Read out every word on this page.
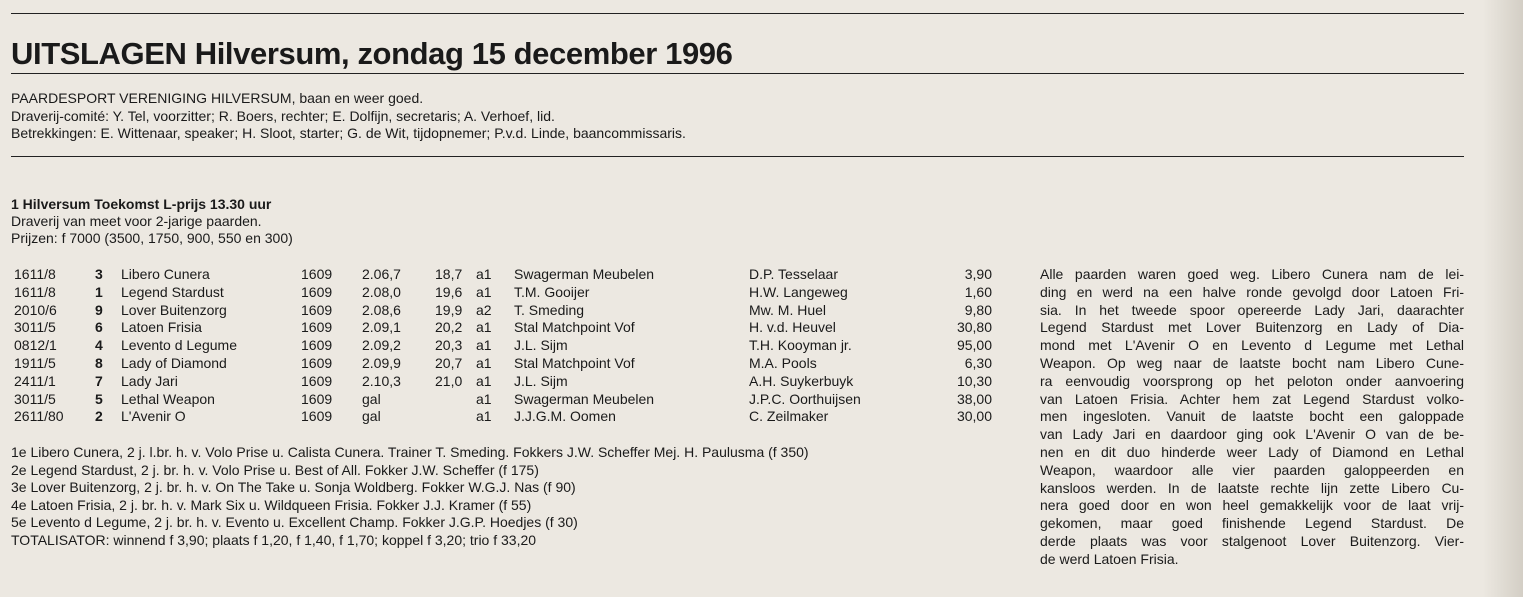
UITSLAGEN Hilversum, zondag 15 december 1996
PAARDESPORT VERENIGING HILVERSUM, baan en weer goed.
Draverij-comité: Y. Tel, voorzitter; R. Boers, rechter; E. Dolfijn, secretaris; A. Verhoef, lid.
Betrekkingen: E. Wittenaar, speaker; H. Sloot, starter; G. de Wit, tijdopnemer; P.v.d. Linde, baancommissaris.
1 Hilversum Toekomst L-prijs 13.30 uur
Draverij van meet voor 2-jarige paarden.
Prijzen: f 7000 (3500, 1750, 900, 550 en 300)
1611/8	3 Libero Cunera	1609 2.06,7 18,7 a1 Swagerman Meubelen	D.P. Tesselaar	3,90
1611/8	1 Legend Stardust	1609 2.08,0 19,6 a1 T.M. Gooijer	H.W. Langeweg	1,60
2010/6	9 Lover Buitenzorg	1609 2.08,6 19,9 a2 T. Smeding	Mw. M. Huel	9,80
3011/5	6 Latoen Frisia	1609 2.09,1 20,2 a1 Stal Matchpoint Vof	H. v.d. Heuvel	30,80
0812/1	4 Levento d Legume	1609 2.09,2 20,3 a1 J.L. Sijm	T.H. Kooyman jr.	95,00
1911/5	8 Lady of Diamond	1609 2.09,9 20,7 a1 Stal Matchpoint Vof	M.A. Pools	6,30
2411/1	7 Lady Jari	1609 2.10,3 21,0 a1 J.L. Sijm	A.H. Suykerbuyk	10,30
3011/5	5 Lethal Weapon	1609 gal	a1 Swagerman Meubelen	J.P.C. Oorthuijsen	38,00
2611/80 2 L'Avenir O	1609 gal	a1 J.J.G.M. Oomen	C. Zeilmaker	30,00
1e Libero Cunera, 2 j. l.br. h. v. Volo Prise u. Calista Cunera. Trainer T. Smeding. Fokkers J.W. Scheffer Mej. H. Paulusma (f 350)
2e Legend Stardust, 2 j. br. h. v. Volo Prise u. Best of All. Fokker J.W. Scheffer (f 175)
3e Lover Buitenzorg, 2 j. br. h. v. On The Take u. Sonja Woldberg. Fokker W.G.J. Nas (f 90)
4e Latoen Frisia, 2 j. br. h. v. Mark Six u. Wildqueen Frisia. Fokker J.J. Kramer (f 55)
5e Levento d Legume, 2 j. br. h. v. Evento u. Excellent Champ. Fokker J.G.P. Hoedjes (f 30)
TOTALISATOR: winnend f 3,90; plaats f 1,20, f 1,40, f 1,70; koppel f 3,20; trio f 33,20
Alle paarden waren goed weg. Libero Cunera nam de lei-
ding en werd na een halve ronde gevolgd door Latoen Fri-
sia. In het tweede spoor opereerde Lady Jari, daarachter
Legend Stardust met Lover Buitenzorg en Lady of Dia-
mond met L'Avenir O en Levento d Legume met Lethal
Weapon. Op weg naar de laatste bocht nam Libero Cune-
ra eenvoudig voorsprong op het peloton onder aanvoering
van Latoen Frisia. Achter hem zat Legend Stardust volko-
men ingesloten. Vanuit de laatste bocht een galoppade
van Lady Jari en daardoor ging ook L'Avenir O van de be-
nen en dit duo hinderde weer Lady of Diamond en Lethal
Weapon, waardoor alle vier paarden galoppeerden en
kansloos werden. In de laatste rechte lijn zette Libero Cu-
nera goed door en won heel gemakkelijk voor de laat vrij-
gekomen, maar goed finishende Legend Stardust. De
derde plaats was voor stalgenoot Lover Buitenzorg. Vier-
de werd Latoen Frisia.
